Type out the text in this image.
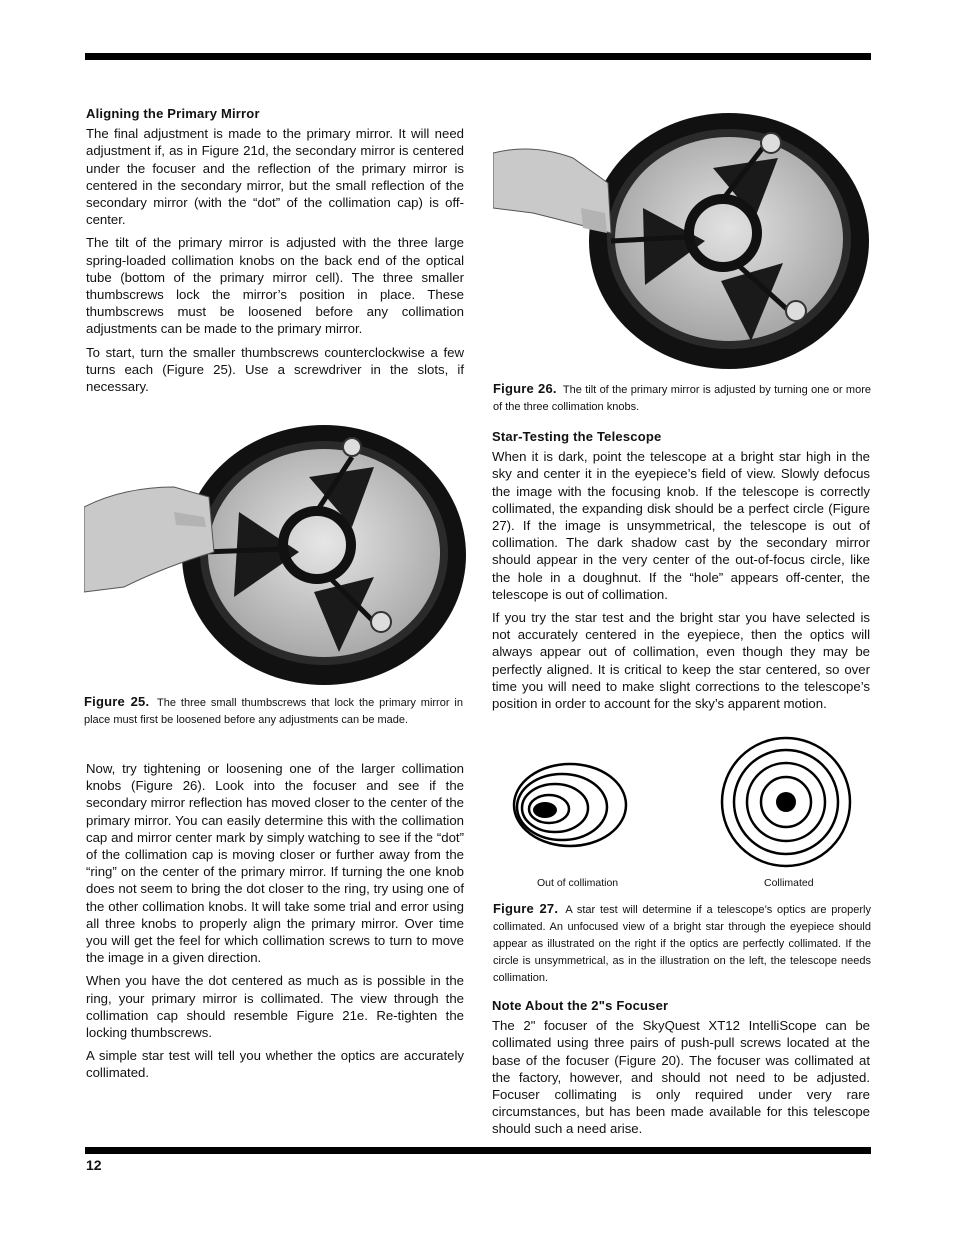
Aligning the Primary Mirror

The final adjustment is made to the primary mirror. It will need adjustment if, as in Figure 21d, the secondary mirror is centered under the focuser and the reflection of the primary mirror is centered in the secondary mirror, but the small reflection of the secondary mirror (with the “dot” of the collimation cap) is off-center.

The tilt of the primary mirror is adjusted with the three large spring-loaded collimation knobs on the back end of the optical tube (bottom of the primary mirror cell). The three smaller thumbscrews lock the mirror’s position in place. These thumbscrews must be loosened before any collimation adjustments can be made to the primary mirror.

To start, turn the smaller thumbscrews counterclockwise a few turns each (Figure 25). Use a screwdriver in the slots, if necessary.

Figure 25. The three small thumbscrews that lock the primary mirror in place must first be loosened before any adjustments can be made.

Now, try tightening or loosening one of the larger collimation knobs (Figure 26). Look into the focuser and see if the secondary mirror reflection has moved closer to the center of the primary mirror. You can easily determine this with the collimation cap and mirror center mark by simply watching to see if the “dot” of the collimation cap is moving closer or further away from the “ring” on the center of the primary mirror. If turning the one knob does not seem to bring the dot closer to the ring, try using one of the other collimation knobs. It will take some trial and error using all three knobs to properly align the primary mirror. Over time you will get the feel for which collimation screws to turn to move the image in a given direction.

When you have the dot centered as much as is possible in the ring, your primary mirror is collimated. The view through the collimation cap should resemble Figure 21e. Re-tighten the locking thumbscrews.

A simple star test will tell you whether the optics are accurately collimated.

Figure 26. The tilt of the primary mirror is adjusted by turning one or more of the three collimation knobs.
Star-Testing the Telescope

When it is dark, point the telescope at a bright star high in the sky and center it in the eyepiece’s field of view. Slowly defocus the image with the focusing knob. If the telescope is correctly collimated, the expanding disk should be a perfect circle (Figure 27). If the image is unsymmetrical, the telescope is out of collimation. The dark shadow cast by the secondary mirror should appear in the very center of the out-of-focus circle, like the hole in a doughnut. If the “hole” appears off-center, the telescope is out of collimation.

If you try the star test and the bright star you have selected is not accurately centered in the eyepiece, then the optics will always appear out of collimation, even though they may be perfectly aligned. It is critical to keep the star centered, so over time you will need to make slight corrections to the telescope’s position in order to account for the sky’s apparent motion.

Out of collimation	Collimated
Figure 27. A star test will determine if a telescope’s optics are properly collimated. An unfocused view of a bright star through the eyepiece should appear as illustrated on the right if the optics are perfectly collimated. If the circle is unsymmetrical, as in the illustration on the left, the telescope needs collimation.
Note About the 2"s Focuser

The 2" focuser of the SkyQuest XT12 IntelliScope can be collimated using three pairs of push-pull screws located at the base of the focuser (Figure 20). The focuser was collimated at the factory, however, and should not need to be adjusted. Focuser collimating is only required under very rare circumstances, but has been made available for this telescope should such a need arise.

12
